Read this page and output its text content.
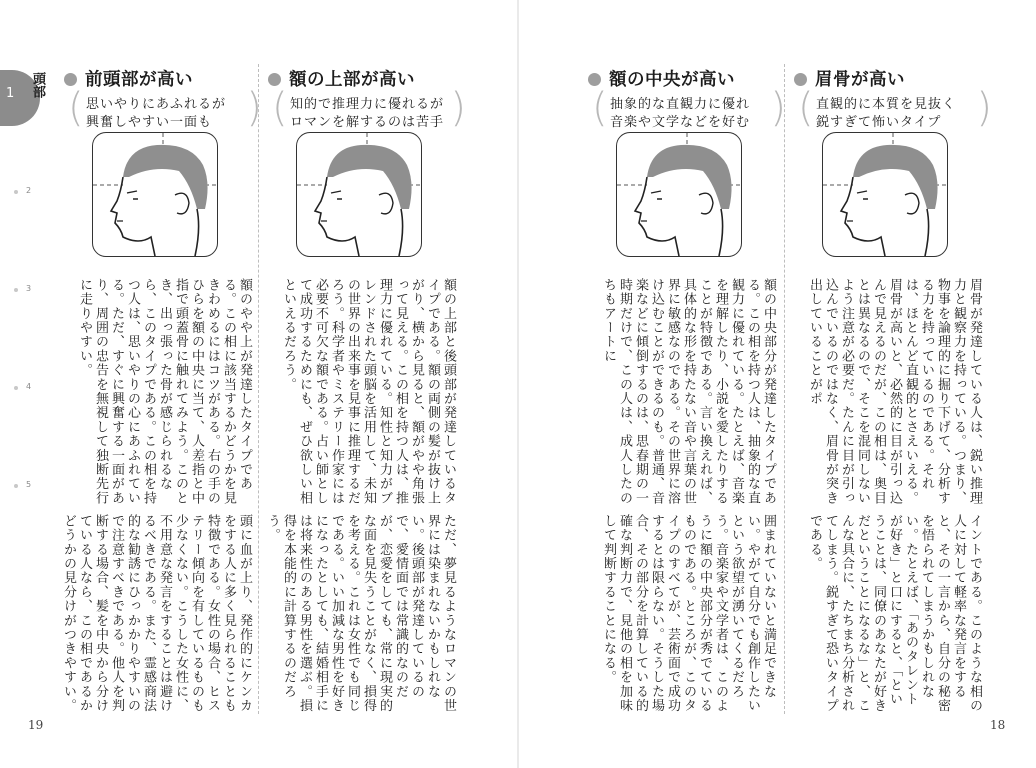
1 頭部
2
3
4
5
19	18
前頭部が高い
( 思いやりにあふれるが
興奮しやすい一面も
)
額のやや上が発達したタイプである。この相に該当するかどうかを見きわめるにはコツがある。右の手のひらを額の中央に当て、人差指と中指で頭蓋骨に触れてみよう。このとき、出っ張った骨が感じられるなら、このタイプである。この相を持つ人は、思いやりの心にあふれている。ただ、すぐに興奮する一面があり、周囲の忠告を無視して独断先行に走りやすい。
頭に血が上り、発作的にケンカをする人に多く見られることも特徴である。女性の場合、ヒステリー傾向を有しているものも少なくない。こうした女性に、不用意な発言をすることは避けるべきである。また、霊感商法的な勧誘にひっかかりやすいので注意すべきである。他人を判断する場合、髪を中央から分けている人なら、この相であるかどうかの見分けがつきやすい。
額の上部が高い
( 知的で推理力に優れるが
ロマンを解するのは苦手
)
額の上部と後頭部が発達しているタイプである。額の両側の髪が抜け上がり、横から見ると、額がやや角張って見える。この相を持つ人は、推理力に優れている。知性と知力がブレンドされた頭脳を活用して、未知の世界の出来事を見事に推理するだろう。科学者やミステリー作家には必要不可欠な額である。占い師として成功するためにも、ぜひ欲しい相といえるだろう。
ただ、夢見るようなロマンの世界には染まれないかもしれない。後頭部が発達しているので、愛情面では常識的なのだが、恋愛をしても、常に現実的な面を見失うことがなく、損得を考える。これは女性でも同じである。いい加減な男性を好きになったとしても、結婚相手には将来性のある男性を選ぶ。損得を本能的に計算するのだろう。
額の中央が高い
( 抽象的な直観力に優れ
音楽や文学などを好む
)
額の中央部分が発達したタイプである。この相を持つ人は、抽象的な直観力に優れている。たとえば、音楽を理解したり、小説を愛したりすることが特徴である。言い換えれば、具体的な形を持たない音や言葉の世界に敏感なのである。その世界に溶け込むことができるのも。普通、音楽などに傾倒するのは、思春期の一時期だけで、この人は、成人したのちもアートに
囲まれていないと満足できない。やがて自分でも創作したいという欲望が湧いてくるだろう。音楽家や文学者は、このように額の中央部分が秀でているものである。ところが、このタイプのすべてが、芸術面で成功するとは限らない。そうした場合、その部分を計算している的確な判断力で、見他の相を加味して判断することになる。
眉骨が高い
( 直観的に本質を見抜く
鋭すぎて怖いタイプ
)
眉骨が発達している人は、鋭い推理力と観察力を持っている。つまり、物事を論理的に掘り下げて、分析する力を持っているのである。それは、ほとんど直観的とさえいえる。眉骨が高いと、必然的に目が引っ込んで見えるのだが、この相は、奥目とは異なるので、そこを混同しないよう注意が必要だ。たんに目が引っ込んでいるのではなく、眉骨が突き出していることがポ
イントである。このような相の人に対して軽率な発言をすると、その一言から、自分の秘密を悟られてしまうかもしれない。たとえば、「あのタレントが好き」と口にすると、「ということは、同僚のあなたが好きだということになるな」と、こんな具合に、たちまち分析されてしまう。鋭すぎて恐いタイプである。
